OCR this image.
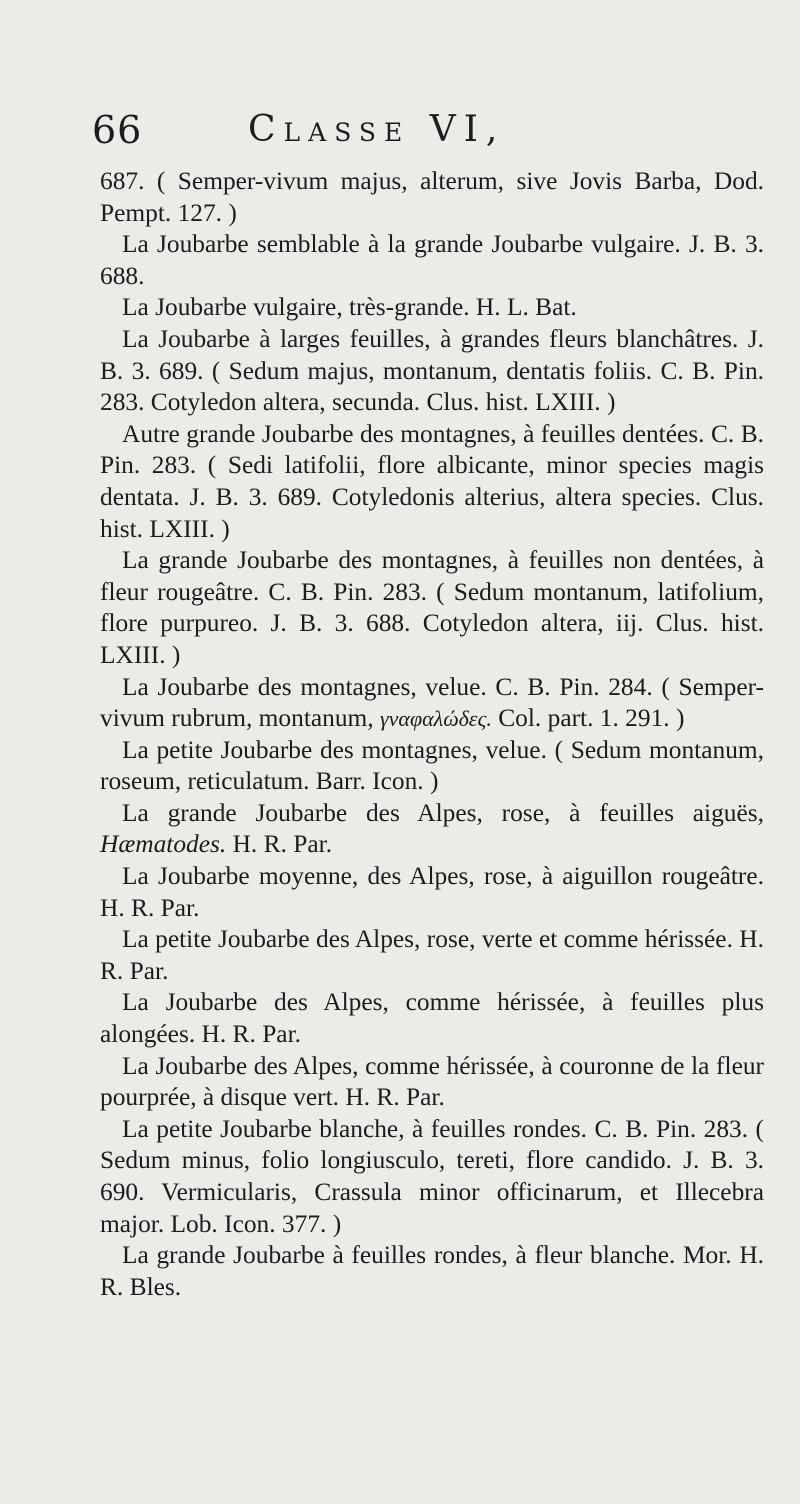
66	Classe VI,

687. ( Semper-vivum majus, alterum, sive Jovis Barba, Dod. Pempt. 127. )

La Joubarbe semblable à la grande Joubarbe vulgaire. J. B. 3. 688.

La Joubarbe vulgaire, très-grande. H. L. Bat.

La Joubarbe à larges feuilles, à grandes fleurs blanchâtres. J. B. 3. 689. ( Sedum majus, montanum, dentatis foliis. C. B. Pin. 283. Cotyledon altera, secunda. Clus. hist. LXIII. )

Autre grande Joubarbe des montagnes, à feuilles dentées. C. B. Pin. 283. ( Sedi latifolii, flore albicante, minor species magis dentata. J. B. 3. 689. Cotyledonis alterius, altera species. Clus. hist. LXIII. )

La grande Joubarbe des montagnes, à feuilles non dentées, à fleur rougeâtre. C. B. Pin. 283. ( Sedum montanum, latifolium, flore purpureo. J. B. 3. 688. Cotyledon altera, iij. Clus. hist. LXIII. )

La Joubarbe des montagnes, velue. C. B. Pin. 284. ( Semper-vivum rubrum, montanum, γναφαλώδες. Col. part. 1. 291. )

La petite Joubarbe des montagnes, velue. ( Sedum montanum, roseum, reticulatum. Barr. Icon. )

La grande Joubarbe des Alpes, rose, à feuilles aiguës, Hæmatodes. H. R. Par.

La Joubarbe moyenne, des Alpes, rose, à aiguillon rougeâtre. H. R. Par.

La petite Joubarbe des Alpes, rose, verte et comme hérissée. H. R. Par.

La Joubarbe des Alpes, comme hérissée, à feuilles plus alongées. H. R. Par.

La Joubarbe des Alpes, comme hérissée, à couronne de la fleur pourprée, à disque vert. H. R. Par.

La petite Joubarbe blanche, à feuilles rondes. C. B. Pin. 283. ( Sedum minus, folio longiusculo, tereti, flore candido. J. B. 3. 690. Vermicularis, Crassula minor officinarum, et Illecebra major. Lob. Icon. 377. )

La grande Joubarbe à feuilles rondes, à fleur blanche. Mor. H. R. Bles.
